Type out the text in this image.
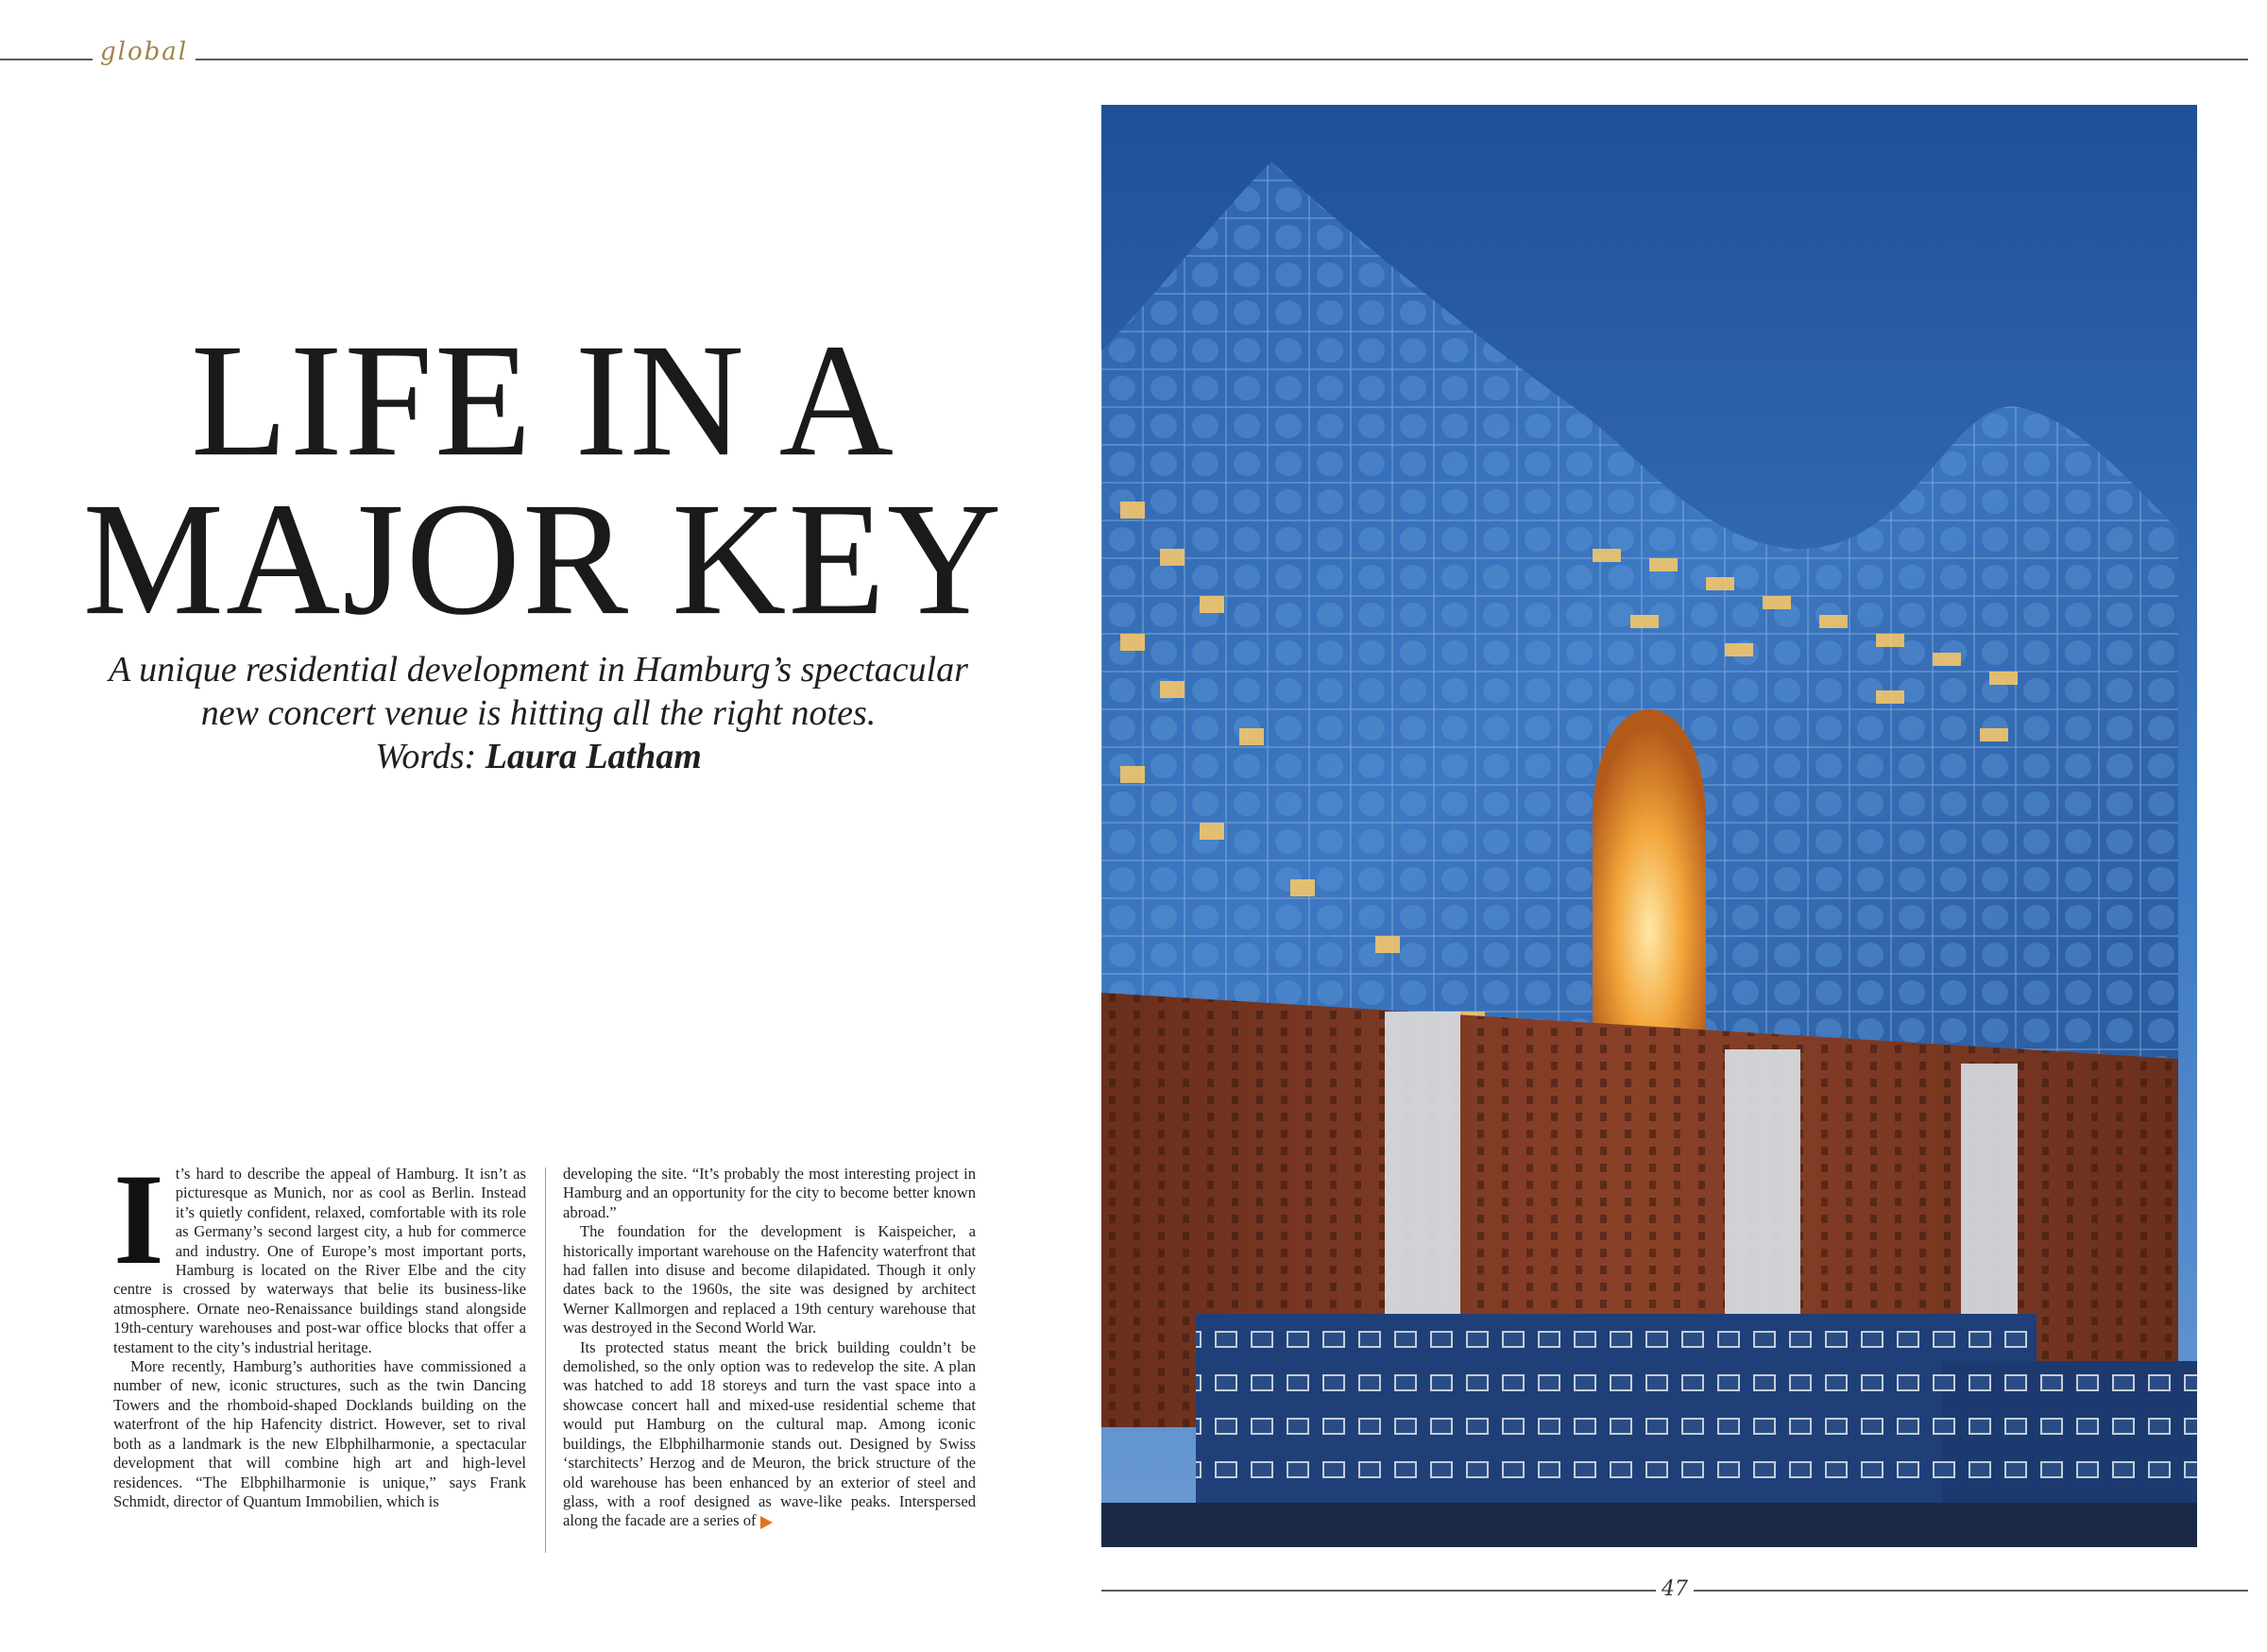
global
LIFE IN A
MAJOR KEY
A unique residential development in Hamburg’s spectacular
new concert venue is hitting all the right notes.
Words: Laura Latham

It’s hard to describe the appeal of Hamburg. It isn’t as picturesque as Munich, nor as cool as Berlin. Instead it’s quietly confident, relaxed, comfortable with its role as Germany’s second largest city, a hub for commerce and industry. One of Europe’s most important ports, Hamburg is located on the River Elbe and the city centre is crossed by waterways that belie its business-like atmosphere. Ornate neo-Renaissance buildings stand alongside 19th-century warehouses and post-war office blocks that offer a testament to the city’s industrial heritage.

More recently, Hamburg’s authorities have commissioned a number of new, iconic structures, such as the twin Dancing Towers and the rhomboid-shaped Docklands building on the waterfront of the hip Hafencity district. However, set to rival both as a landmark is the new Elbphilharmonie, a spectacular development that will combine high art and high-level residences. “The Elbphilharmonie is unique,” says Frank Schmidt, director of Quantum Immobilien, which is

developing the site. “It’s probably the most interesting project in Hamburg and an opportunity for the city to become better known abroad.”

The foundation for the development is Kaispeicher, a historically important warehouse on the Hafencity waterfront that had fallen into disuse and become dilapidated. Though it only dates back to the 1960s, the site was designed by architect Werner Kallmorgen and replaced a 19th century warehouse that was destroyed in the Second World War.

Its protected status meant the brick building couldn’t be demolished, so the only option was to redevelop the site. A plan was hatched to add 18 storeys and turn the vast space into a showcase concert hall and mixed-use residential scheme that would put Hamburg on the cultural map. Among iconic buildings, the Elbphilharmonie stands out. Designed by Swiss ‘starchitects’ Herzog and de Meuron, the brick structure of the old warehouse has been enhanced by an exterior of steel and glass, with a roof designed as wave-like peaks. Interspersed along the facade are a series of

47
